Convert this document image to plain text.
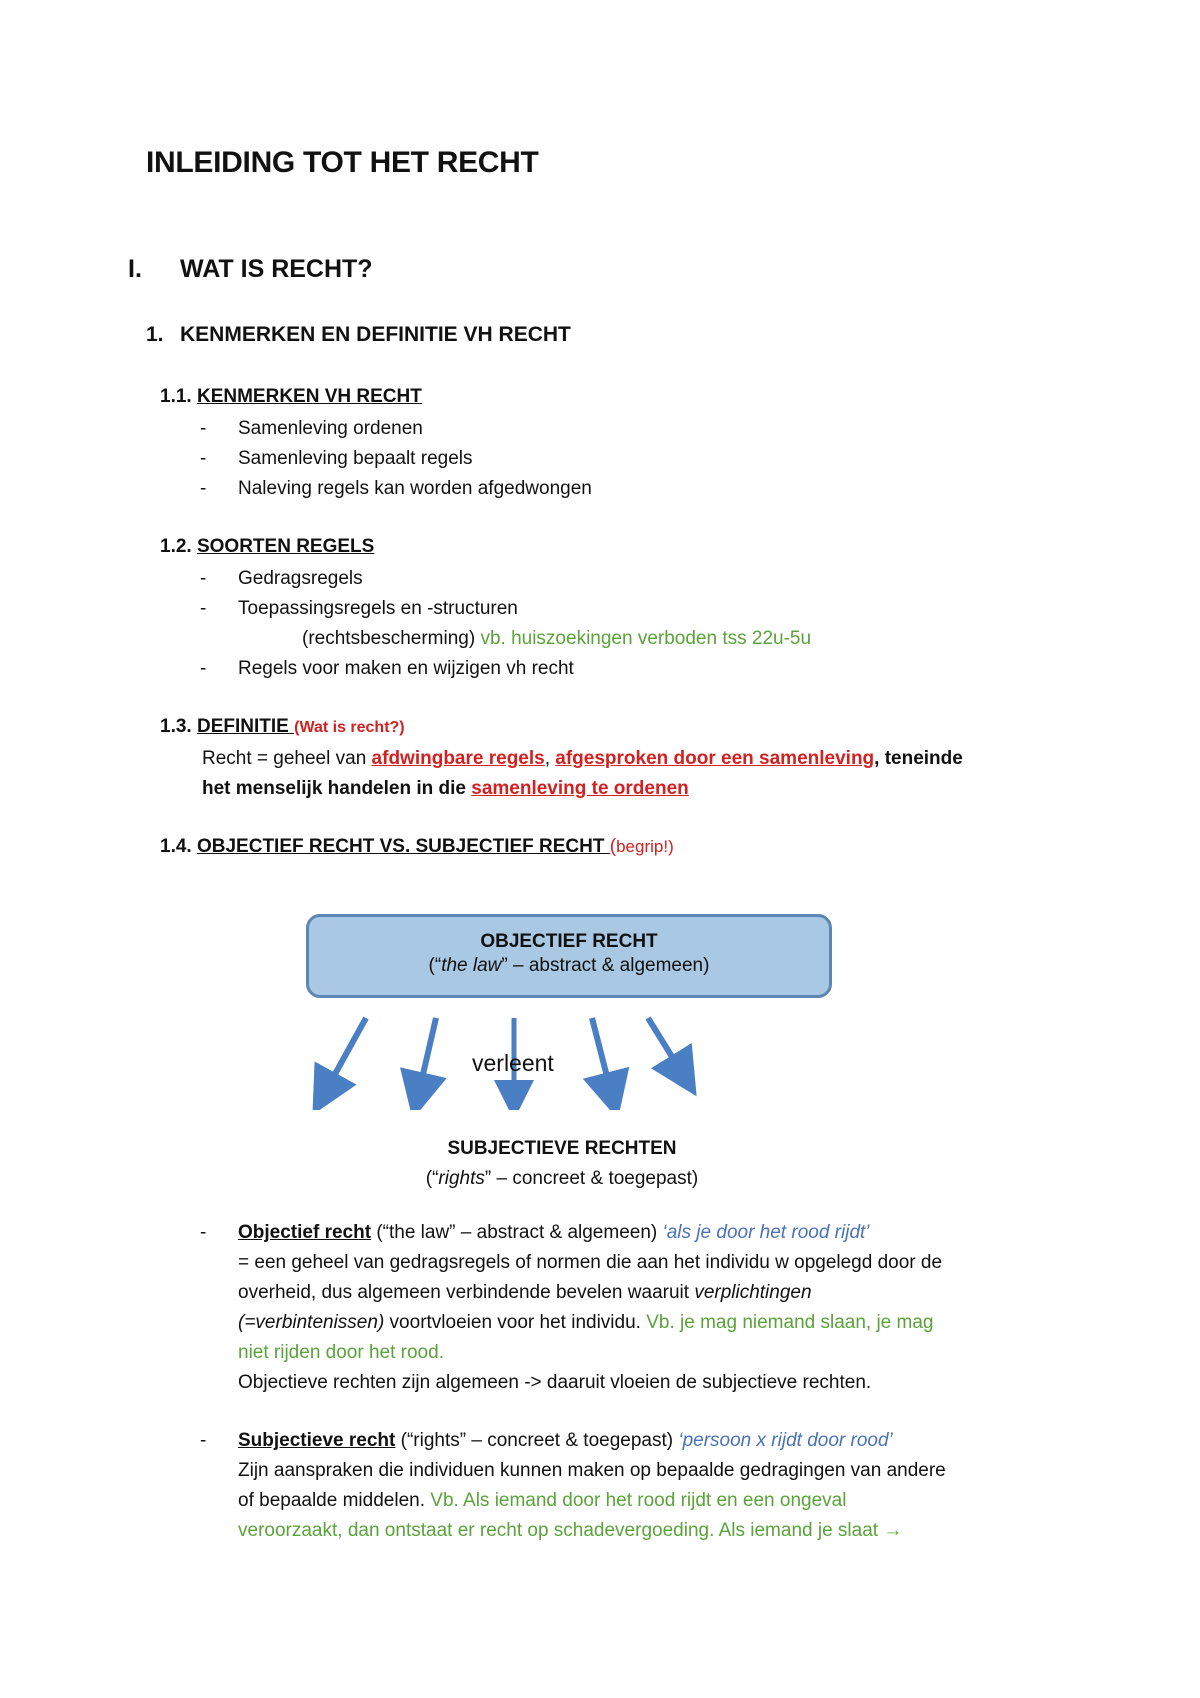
INLEIDING TOT HET RECHT
I. WAT IS RECHT?
1. KENMERKEN EN DEFINITIE VH RECHT
1.1. KENMERKEN VH RECHT
- Samenleving ordenen
- Samenleving bepaalt regels
- Naleving regels kan worden afgedwongen
1.2. SOORTEN REGELS
- Gedragsregels
- Toepassingsregels en -structuren
(rechtsbescherming) vb. huiszoekingen verboden tss 22u-5u
- Regels voor maken en wijzigen vh recht
1.3. DEFINITIE (Wat is recht?)
Recht = geheel van afdwingbare regels, afgesproken door een samenleving, teneinde
het menselijk handelen in die samenleving te ordenen
1.4. OBJECTIEF RECHT VS. SUBJECTIEF RECHT (begrip!)
OBJECTIEF RECHT
(“the law” – abstract & algemeen)
verleent
SUBJECTIEVE RECHTEN
(“rights” – concreet & toegepast)
- Objectief recht (“the law” – abstract & algemeen) ‘als je door het rood rijdt’
= een geheel van gedragsregels of normen die aan het individu w opgelegd door de
overheid, dus algemeen verbindende bevelen waaruit verplichtingen
(=verbintenissen) voortvloeien voor het individu. Vb. je mag niemand slaan, je mag
niet rijden door het rood.
Objectieve rechten zijn algemeen -> daaruit vloeien de subjectieve rechten.
- Subjectieve recht (“rights” – concreet & toegepast) ‘persoon x rijdt door rood’
Zijn aanspraken die individuen kunnen maken op bepaalde gedragingen van andere
of bepaalde middelen. Vb. Als iemand door het rood rijdt en een ongeval
veroorzaakt, dan ontstaat er recht op schadevergoeding. Als iemand je slaat →
